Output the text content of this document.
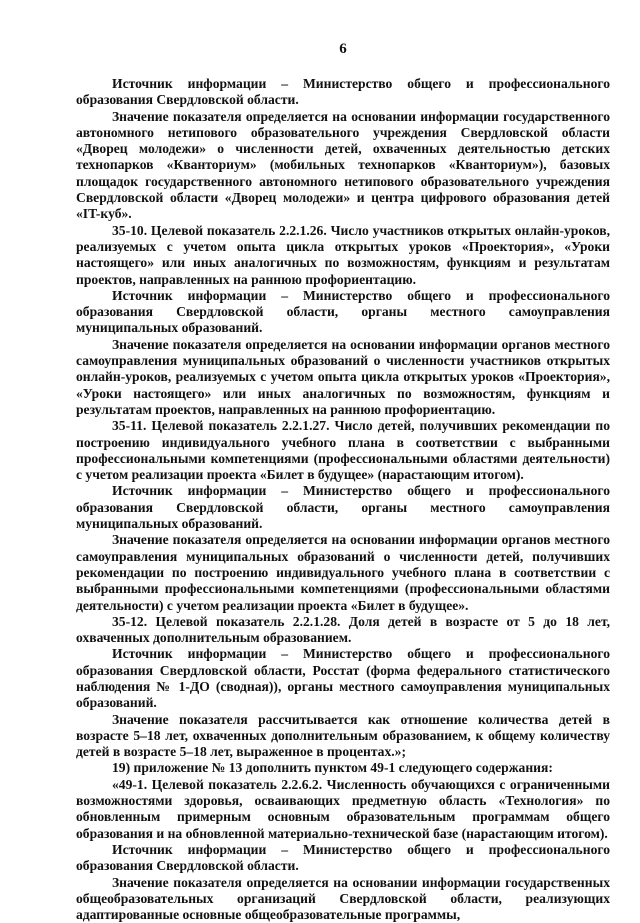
6

Источник информации – Министерство общего и профессионального образования Свердловской области.

Значение показателя определяется на основании информации государственного автономного нетипового образовательного учреждения Свердловской области «Дворец молодежи» о численности детей, охваченных деятельностью детских технопарков «Кванториум» (мобильных технопарков «Кванториум»), базовых площадок государственного автономного нетипового образовательного учреждения Свердловской области «Дворец молодежи» и центра цифрового образования детей «IT-куб».

35-10. Целевой показатель 2.2.1.26. Число участников открытых онлайн-уроков, реализуемых с учетом опыта цикла открытых уроков «Проектория», «Уроки настоящего» или иных аналогичных по возможностям, функциям и результатам проектов, направленных на раннюю профориентацию.

Источник информации – Министерство общего и профессионального образования Свердловской области, органы местного самоуправления муниципальных образований.

Значение показателя определяется на основании информации органов местного самоуправления муниципальных образований о численности участников открытых онлайн-уроков, реализуемых с учетом опыта цикла открытых уроков «Проектория», «Уроки настоящего» или иных аналогичных по возможностям, функциям и результатам проектов, направленных на раннюю профориентацию.

35-11. Целевой показатель 2.2.1.27. Число детей, получивших рекомендации по построению индивидуального учебного плана в соответствии с выбранными профессиональными компетенциями (профессиональными областями деятельности) с учетом реализации проекта «Билет в будущее» (нарастающим итогом).

Источник информации – Министерство общего и профессионального образования Свердловской области, органы местного самоуправления муниципальных образований.

Значение показателя определяется на основании информации органов местного самоуправления муниципальных образований о численности детей, получивших рекомендации по построению индивидуального учебного плана в соответствии с выбранными профессиональными компетенциями (профессиональными областями деятельности) с учетом реализации проекта «Билет в будущее».

35-12. Целевой показатель 2.2.1.28. Доля детей в возрасте от 5 до 18 лет, охваченных дополнительным образованием.

Источник информации – Министерство общего и профессионального образования Свердловской области, Росстат (форма федерального статистического наблюдения № 1-ДО (сводная)), органы местного самоуправления муниципальных образований.

Значение показателя рассчитывается как отношение количества детей в возрасте 5–18 лет, охваченных дополнительным образованием, к общему количеству детей в возрасте 5–18 лет, выраженное в процентах.»;

19) приложение № 13 дополнить пунктом 49-1 следующего содержания:

«49-1. Целевой показатель 2.2.6.2. Численность обучающихся с ограниченными возможностями здоровья, осваивающих предметную область «Технология» по обновленным примерным основным образовательным программам общего образования и на обновленной материально-технической базе (нарастающим итогом).

Источник информации – Министерство общего и профессионального образования Свердловской области.

Значение показателя определяется на основании информации государственных общеобразовательных организаций Свердловской области, реализующих адаптированные основные общеобразовательные программы,
